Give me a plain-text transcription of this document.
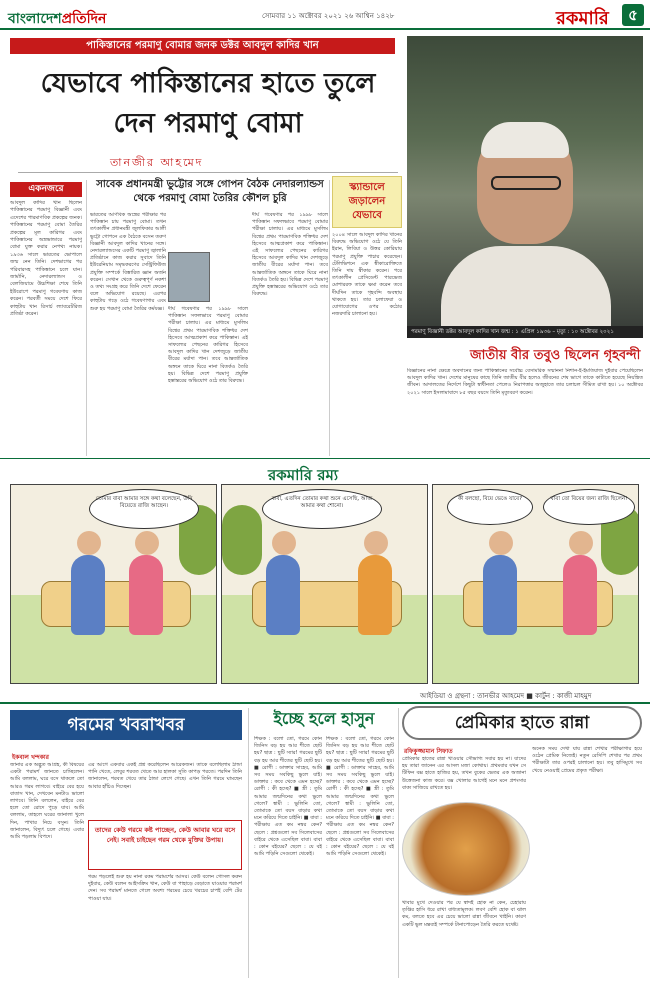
বাংলাদেশপ্রতিদিন	সোমবার ১১ অক্টোবর ২০২১ ২৬ আশ্বিন ১৪২৮	রকমারি	৫
পাকিস্তানের পরমাণু বোমার জনক ডক্টর আবদুল কাদির খান
যেভাবে পাকিস্তানের হাতে তুলে দেন পরমাণু বোমা
তানজীর আহমেদ
একনজরে
আবদুল কাদির খান ছিলেন পাকিস্তানের পরমাণু বিজ্ঞানী এবং এদেশের পারমাণবিক প্রকল্পের জনক। পাকিস্তানের পরমাণু বোমা তৈরির প্রকল্পের মূল কারিগর এবং পাকিস্তানের অস্ত্রভান্ডারে পরমাণু বোমা যুক্ত করার নেপথ্য নায়ক। ১৯৩৬ সালে ভারতের ভোপালে জন্ম নেন তিনি। দেশভাগের পর পরিবারসহ পাকিস্তানে চলে যান। জার্মানি, নেদারল্যান্ডস ও বেলজিয়ামে উচ্চশিক্ষা শেষে তিনি ইউরোপে পরমাণু গবেষণায় কাজ করেন। পরবর্তী সময়ে দেশে ফিরে কাহুটায় খান রিসার্চ ল্যাবরেটরিজ প্রতিষ্ঠা করেন।
সাবেক প্রধানমন্ত্রী ভুট্টোর সঙ্গে গোপন বৈঠক নেদারল্যান্ডস থেকে পরমাণু বোমা তৈরির কৌশল চুরি
ভারতের আণবিক অস্ত্রের পরীক্ষার পর পাকিস্তান চায় পরমাণু বোমা। তখন তৎকালীন প্রধানমন্ত্রী জুলফিকার আলী ভুট্টো গোপনে এক বৈঠকে বসেন তরুণ বিজ্ঞানী আবদুল কাদির খানের সঙ্গে। নেদারল্যান্ডসের একটি পরমাণু জ্বালানি প্রতিষ্ঠানে কাজ করার সুবাদে তিনি ইউরেনিয়াম সমৃদ্ধকরণের সেন্ট্রিফিউজ প্রযুক্তি সম্পর্কে বিস্তারিত জ্ঞান অর্জন করেন। সেখান থেকে গুরুত্বপূর্ণ নকশা ও তথ্য সংগ্রহ করে তিনি দেশে ফেরেন বলে অভিযোগ রয়েছে। এরপর কাহুটায় গড়ে ওঠে গবেষণাগার এবং শুরু হয় পরমাণু বোমা তৈরির কর্মযজ্ঞ। দীর্ঘ গবেষণার পর ১৯৯৮ সালে পাকিস্তান সফলভাবে পরমাণু বোমার পরীক্ষা চালায়। এর মাধ্যমে মুসলিম বিশ্বের প্রথম পারমাণবিক শক্তিধর দেশ হিসেবে আত্মপ্রকাশ করে পাকিস্তান। এই সাফল্যের পেছনের কারিগর হিসেবে আবদুল কাদির খান দেশজুড়ে জাতীয় বীরের মর্যাদা পান। তবে আন্তর্জাতিক অঙ্গনে তাকে ঘিরে নানা বিতর্কও তৈরি হয়। বিভিন্ন দেশে পরমাণু প্রযুক্তি হস্তান্তরের অভিযোগ ওঠে তার বিরুদ্ধে।
দীর্ঘ গবেষণার পর ১৯৯৮ সালে পাকিস্তান সফলভাবে পরমাণু বোমার পরীক্ষা চালায়। এর মাধ্যমে মুসলিম বিশ্বের প্রথম পারমাণবিক শক্তিধর দেশ হিসেবে আত্মপ্রকাশ করে পাকিস্তান। এই সাফল্যের পেছনের কারিগর হিসেবে আবদুল কাদির খান দেশজুড়ে জাতীয় বীরের মর্যাদা পান। তবে আন্তর্জাতিক অঙ্গনে তাকে ঘিরে নানা বিতর্কও তৈরি হয়। বিভিন্ন দেশে পরমাণু প্রযুক্তি হস্তান্তরের অভিযোগ ওঠে তার বিরুদ্ধে।
স্ক্যান্ডালে জড়ালেন যেভাবে
২০০৪ সালে আবদুল কাদির খানের বিরুদ্ধে অভিযোগ ওঠে যে তিনি ইরান, লিবিয়া ও উত্তর কোরিয়ায় পরমাণু প্রযুক্তি পাচার করেছেন। টেলিভিশনে এক স্বীকারোক্তিতে তিনি দায় স্বীকার করেন। পরে তৎকালীন প্রেসিডেন্ট পারভেজ মোশাররফ তাকে ক্ষমা করেন তবে দীর্ঘদিন তাকে গৃহবন্দি অবস্থায় থাকতে হয়। তার চলাফেরা ও যোগাযোগের ওপর কঠোর নজরদারি চালানো হয়।
পরমাণু বিজ্ঞানী ডক্টর আবদুল কাদির খান জন্ম : ১ এপ্রিল ১৯৩৬ – মৃত্যু : ১০ অক্টোবর ২০২১
জাতীয় বীর তবুও ছিলেন গৃহবন্দী
বিজ্ঞানের নানা ক্ষেত্রে অবদানের জন্য পাকিস্তানের সর্বোচ্চ বেসামরিক সম্মাননা নিশান-ই-ইমতিয়াজ দুইবার পেয়েছিলেন আবদুল কাদির খান। দেশের মানুষের কাছে তিনি জাতীয় বীর হলেও জীবনের শেষ ভাগে তাকে কাটাতে হয়েছে নিয়ন্ত্রিত জীবন। আদালতের নির্দেশে কিছুটা স্বাধীনতা পেলেও নিরাপত্তার অজুহাতে তার চলাচল সীমিত রাখা হয়। ১০ অক্টোবর ২০২১ সালে ইসলামাবাদে ৮৫ বছর বয়সে তিনি মৃত্যুবরণ করেন।
রকমারি রম্য
তোমার বাবা আমার সঙ্গে কথা বলেছেন, উনি বিয়েতে রাজি আছেন।
বাবা, এতদিন তোমার কথা শুনে এসেছি, আজ আমার কথা শোনো।
কী বলছো, বিয়ে ভেঙে যাবে?	বাবা তো বিয়ের জন্য রাজি ছিলেন!
আইডিয়া ও গ্রন্থনা : তানভীর আহমেদ ■ কার্টুন : কাজী মাহমুদ
গরমের খবরাখবর
ইকবাল খন্দকার
জানার এক অদ্ভুত আগ্রহ, কী বিষয়ের একটা পরামর্শ জানতে চাচ্ছিলেন। আমি বললাম, ঘরে বসে থাকলে তো আরও গরম লাগবে। বাইরে বের হয়ে বাতাস খান, দেখবেন মনটাও ভালো লাগবে। তিনি বললেন, বাইরে বের হলে তো রোদে পুড়ে যাব। আমি বললাম, তাহলে ঘরের জানালা খুলে দিন, পাখার নিচে বসুন। তিনি জানালেন, বিদ্যুৎ চলে গেছে। এবার আমি পড়লাম বিপদে।
এর আগে একবার একই প্রশ্ন করেছিলেন আরেকজন। তাকে বলেছিলাম ঠান্ডা পানি খেতে, লেবুর শরবত খেতে আর হালকা সুতি কাপড় পরতে। পরদিন তিনি জানালেন, শরবত খেয়ে তার ঠান্ডা লেগে গেছে। এখন তিনি গরমে ঘামছেন আবার হাঁচিও দিচ্ছেন।
তাদের কেউ গরমে কষ্ট পাচ্ছেন, কেউ আবার ঘরে বসে নেই। সবাই চাইছেন গরম থেকে মুক্তির উপায়।
গরম পড়লেই শুরু হয় নানা রকম পরামর্শের আসর। কেউ বলেন গোসল করুন দুইবার, কেউ বলেন আইসক্রিম খান, কেউ বা পাহাড়ে বেড়াতে যাওয়ার পরামর্শ দেন। সব পরামর্শ মানতে গেলে অবশ্য গরমের চেয়ে খরচের চাপই বেশি টের পাওয়া যায়।
ইচ্ছে হলে হাসুন
শিক্ষক : বলো তো, গরমে কোন জিনিস বড় হয় আর শীতে ছোট হয়? ছাত্র : ছুটি স্যার! গরমের ছুটি বড় হয় আর শীতের ছুটি ছোট হয়। ■ রোগী : ডাক্তার সাহেব, আমি সব সময় সবকিছু ভুলে যাই। ডাক্তার : কবে থেকে এমন হচ্ছে? রোগী : কী হচ্ছে? ■ স্ত্রী : তুমি আমার জন্মদিনের কথা ভুলে গেলে? স্বামী : ভুলিনি তো, তোমাকে তো বয়স বাড়ার কথা মনে করিয়ে দিতে চাইনি। ■ বাবা : পরীক্ষায় এত কম নম্বর কেন? ছেলে : প্রশ্নগুলো সব সিলেবাসের বাইরে থেকে এসেছিল বাবা। বাবা : কোন বইয়ের? ছেলে : যে বই আমি পড়িনি সেগুলো থেকেই।
শিক্ষক : বলো তো, গরমে কোন জিনিস বড় হয় আর শীতে ছোট হয়? ছাত্র : ছুটি স্যার! গরমের ছুটি বড় হয় আর শীতের ছুটি ছোট হয়। ■ রোগী : ডাক্তার সাহেব, আমি সব সময় সবকিছু ভুলে যাই। ডাক্তার : কবে থেকে এমন হচ্ছে? রোগী : কী হচ্ছে? ■ স্ত্রী : তুমি আমার জন্মদিনের কথা ভুলে গেলে? স্বামী : ভুলিনি তো, তোমাকে তো বয়স বাড়ার কথা মনে করিয়ে দিতে চাইনি। ■ বাবা : পরীক্ষায় এত কম নম্বর কেন? ছেলে : প্রশ্নগুলো সব সিলেবাসের বাইরে থেকে এসেছিল বাবা। বাবা : কোন বইয়ের? ছেলে : যে বই আমি পড়িনি সেগুলো থেকেই।
প্রেমিকার হাতে রান্না
রফিকুজ্জামান সিফাত
প্রেমিকার হাতের রান্না খাওয়ার সৌভাগ্য সবার হয় না। যাদের হয় তারা জানেন এর আসল মজা কোথায়। প্রথমবার যখন সে টিফিন বক্স হাতে হাজির হয়, তখন বুকের ভেতর এক অজানা উত্তেজনা কাজ করে। বক্স খোলার আগেই মনে মনে প্রশংসার বাক্য সাজিয়ে রাখতে হয়।
খাবার মুখে দেওয়ার পর যে স্বাদই হোক না কেন, চেহারায় তৃপ্তির হাসি ধরে রাখা বাধ্যতামূলক। লবণ বেশি হোক বা ঝাল কম, বলতে হবে এর চেয়ে ভালো রান্না জীবনে খাইনি। কারণ একটি ভুল মন্তব্যই সম্পর্কে টানাপোড়েন তৈরি করতে যথেষ্ট।
অনেক সময় দেখা যায় রান্না শেখার পরীক্ষাগার হয়ে ওঠেন প্রেমিক নিজেই। নতুন রেসিপি শেখার পর প্রথম পরীক্ষাটা তার ওপরই চালানো হয়। তবু হাসিমুখে সব খেয়ে নেওয়াই প্রেমের প্রকৃত পরীক্ষা।
